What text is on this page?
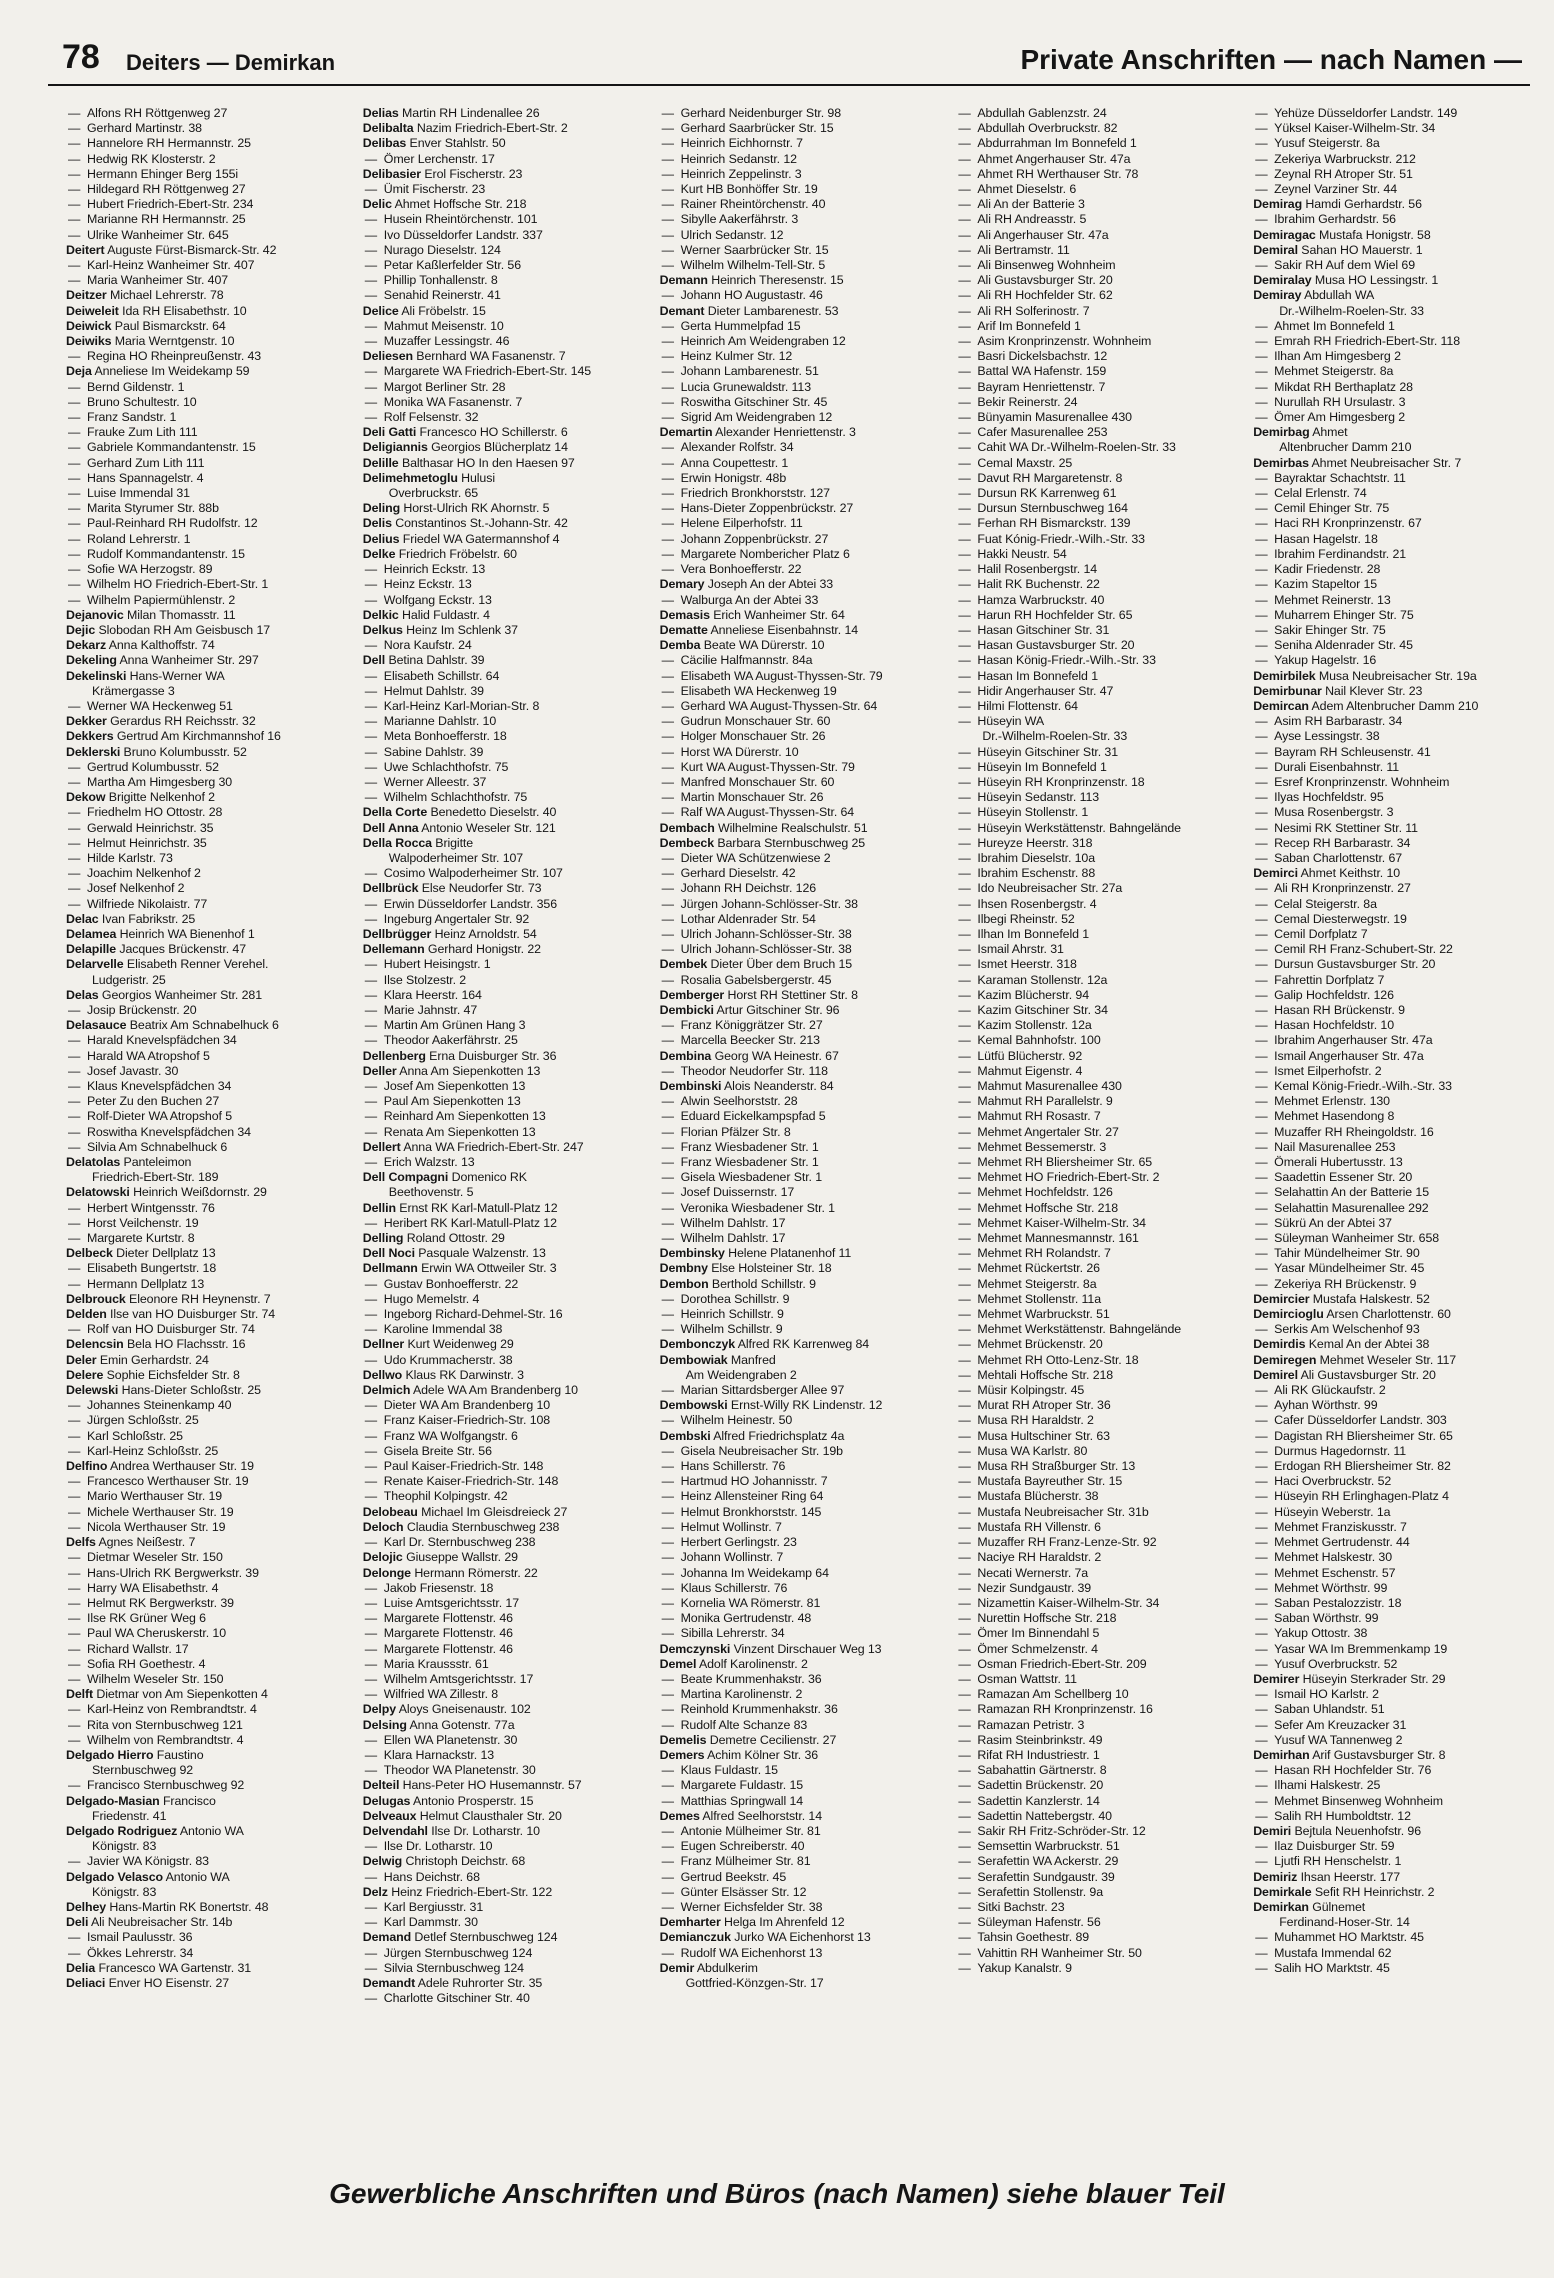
78 Deiters — Demirkan	Private Anschriften — nach Namen —
—  Alfons RH Röttgenweg 27
—  Gerhard Martinstr. 38
—  Hannelore RH Hermannstr. 25
—  Hedwig RK Klosterstr. 2
—  Hermann Ehinger Berg 155i
—  Hildegard RH Röttgenweg 27
—  Hubert Friedrich-Ebert-Str. 234
—  Marianne RH Hermannstr. 25
—  Ulrike Wanheimer Str. 645
Deitert Auguste Fürst-Bismarck-Str. 42
—  Karl-Heinz Wanheimer Str. 407
—  Maria Wanheimer Str. 407
Deitzer Michael Lehrerstr. 78
Deiweleit Ida RH Elisabethstr. 10
Deiwick Paul Bismarckstr. 64
Deiwiks Maria Werntgenstr. 10
—  Regina HO Rheinpreußenstr. 43
Deja Anneliese Im Weidekamp 59
—  Bernd Gildenstr. 1
—  Bruno Schultestr. 10
—  Franz Sandstr. 1
—  Frauke Zum Lith 111
—  Gabriele Kommandantenstr. 15
—  Gerhard Zum Lith 111
—  Hans Spannagelstr. 4
—  Luise Immendal 31
—  Marita Styrumer Str. 88b
—  Paul-Reinhard RH Rudolfstr. 12
—  Roland Lehrerstr. 1
—  Rudolf Kommandantenstr. 15
—  Sofie WA Herzogstr. 89
—  Wilhelm HO Friedrich-Ebert-Str. 1
—  Wilhelm Papiermühlenstr. 2
Dejanovic Milan Thomasstr. 11
Dejic Slobodan RH Am Geisbusch 17
Dekarz Anna Kalthoffstr. 74
Dekeling Anna Wanheimer Str. 297
Dekelinski Hans-Werner WA
Krämergasse 3
—  Werner WA Heckenweg 51
Dekker Gerardus RH Reichsstr. 32
Dekkers Gertrud Am Kirchmannshof 16
Deklerski Bruno Kolumbusstr. 52
—  Gertrud Kolumbusstr. 52
—  Martha Am Himgesberg 30
Dekow Brigitte Nelkenhof 2
—  Friedhelm HO Ottostr. 28
—  Gerwald Heinrichstr. 35
—  Helmut Heinrichstr. 35
—  Hilde Karlstr. 73
—  Joachim Nelkenhof 2
—  Josef Nelkenhof 2
—  Wilfriede Nikolaistr. 77
Delac Ivan Fabrikstr. 25
Delamea Heinrich WA Bienenhof 1
Delapille Jacques Brückenstr. 47
Delarvelle Elisabeth Renner Verehel.
Ludgeristr. 25
Delas Georgios Wanheimer Str. 281
—  Josip Brückenstr. 20
Delasauce Beatrix Am Schnabelhuck 6
—  Harald Knevelspfädchen 34
—  Harald WA Atropshof 5
—  Josef Javastr. 30
—  Klaus Knevelspfädchen 34
—  Peter Zu den Buchen 27
—  Rolf-Dieter WA Atropshof 5
—  Roswitha Knevelspfädchen 34
—  Silvia Am Schnabelhuck 6
Delatolas Panteleimon
Friedrich-Ebert-Str. 189
Delatowski Heinrich Weißdornstr. 29
—  Herbert Wintgensstr. 76
—  Horst Veilchenstr. 19
—  Margarete Kurtstr. 8
Delbeck Dieter Dellplatz 13
—  Elisabeth Bungertstr. 18
—  Hermann Dellplatz 13
Delbrouck Eleonore RH Heynenstr. 7
Delden Ilse van HO Duisburger Str. 74
—  Rolf van HO Duisburger Str. 74
Delencsin Bela HO Flachsstr. 16
Deler Emin Gerhardstr. 24
Delere Sophie Eichsfelder Str. 8
Delewski Hans-Dieter Schloßstr. 25
—  Johannes Steinenkamp 40
—  Jürgen Schloßstr. 25
—  Karl Schloßstr. 25
—  Karl-Heinz Schloßstr. 25
Delfino Andrea Werthauser Str. 19
—  Francesco Werthauser Str. 19
—  Mario Werthauser Str. 19
—  Michele Werthauser Str. 19
—  Nicola Werthauser Str. 19
Delfs Agnes Neißestr. 7
—  Dietmar Weseler Str. 150
—  Hans-Ulrich RK Bergwerkstr. 39
—  Harry WA Elisabethstr. 4
—  Helmut RK Bergwerkstr. 39
—  Ilse RK Grüner Weg 6
—  Paul WA Cheruskerstr. 10
—  Richard Wallstr. 17
—  Sofia RH Goethestr. 4
—  Wilhelm Weseler Str. 150
Delft Dietmar von Am Siepenkotten 4
—  Karl-Heinz von Rembrandtstr. 4
—  Rita von Sternbuschweg 121
—  Wilhelm von Rembrandtstr. 4
Delgado Hierro Faustino
Sternbuschweg 92
—  Francisco Sternbuschweg 92
Delgado-Masian Francisco
Friedenstr. 41
Delgado Rodriguez Antonio WA
Königstr. 83
—  Javier WA Königstr. 83
Delgado Velasco Antonio WA
Königstr. 83
Delhey Hans-Martin RK Bonertstr. 48
Deli Ali Neubreisacher Str. 14b
—  Ismail Paulusstr. 36
—  Ökkes Lehrerstr. 34
Delia Francesco WA Gartenstr. 31
Deliaci Enver HO Eisenstr. 27
Delias Martin RH Lindenallee 26
Delibalta Nazim Friedrich-Ebert-Str. 2
Delibas Enver Stahlstr. 50
—  Ömer Lerchenstr. 17
Delibasier Erol Fischerstr. 23
—  Ümit Fischerstr. 23
Delic Ahmet Hoffsche Str. 218
—  Husein Rheintörchenstr. 101
—  Ivo Düsseldorfer Landstr. 337
—  Nurago Dieselstr. 124
—  Petar Kaßlerfelder Str. 56
—  Phillip Tonhallenstr. 8
—  Senahid Reinerstr. 41
Delice Ali Fröbelstr. 15
—  Mahmut Meisenstr. 10
—  Muzaffer Lessingstr. 46
Deliesen Bernhard WA Fasanenstr. 7
—  Margarete WA Friedrich-Ebert-Str. 145
—  Margot Berliner Str. 28
—  Monika WA Fasanenstr. 7
—  Rolf Felsenstr. 32
Deli Gatti Francesco HO Schillerstr. 6
Deligiannis Georgios Blücherplatz 14
Delille Balthasar HO In den Haesen 97
Delimehmetoglu Hulusi
Overbruckstr. 65
Deling Horst-Ulrich RK Ahornstr. 5
Delis Constantinos St.-Johann-Str. 42
Delius Friedel WA Gatermannshof 4
Delke Friedrich Fröbelstr. 60
—  Heinrich Eckstr. 13
—  Heinz Eckstr. 13
—  Wolfgang Eckstr. 13
Delkic Halid Fuldastr. 4
Delkus Heinz Im Schlenk 37
—  Nora Kaufstr. 24
Dell Betina Dahlstr. 39
—  Elisabeth Schillstr. 64
—  Helmut Dahlstr. 39
—  Karl-Heinz Karl-Morian-Str. 8
—  Marianne Dahlstr. 10
—  Meta Bonhoefferstr. 18
—  Sabine Dahlstr. 39
—  Uwe Schlachthofstr. 75
—  Werner Alleestr. 37
—  Wilhelm Schlachthofstr. 75
Della Corte Benedetto Dieselstr. 40
Dell Anna Antonio Weseler Str. 121
Della Rocca Brigitte
Walpoderheimer Str. 107
—  Cosimo Walpoderheimer Str. 107
Dellbrück Else Neudorfer Str. 73
—  Erwin Düsseldorfer Landstr. 356
—  Ingeburg Angertaler Str. 92
Dellbrügger Heinz Arnoldstr. 54
Dellemann Gerhard Honigstr. 22
—  Hubert Heisingstr. 1
—  Ilse Stolzestr. 2
—  Klara Heerstr. 164
—  Marie Jahnstr. 47
—  Martin Am Grünen Hang 3
—  Theodor Aakerfährstr. 25
Dellenberg Erna Duisburger Str. 36
Deller Anna Am Siepenkotten 13
—  Josef Am Siepenkotten 13
—  Paul Am Siepenkotten 13
—  Reinhard Am Siepenkotten 13
—  Renata Am Siepenkotten 13
Dellert Anna WA Friedrich-Ebert-Str. 247
—  Erich Walzstr. 13
Dell Compagni Domenico RK
Beethovenstr. 5
Dellin Ernst RK Karl-Matull-Platz 12
—  Heribert RK Karl-Matull-Platz 12
Delling Roland Ottostr. 29
Dell Noci Pasquale Walzenstr. 13
Dellmann Erwin WA Ottweiler Str. 3
—  Gustav Bonhoefferstr. 22
—  Hugo Memelstr. 4
—  Ingeborg Richard-Dehmel-Str. 16
—  Karoline Immendal 38
Dellner Kurt Weidenweg 29
—  Udo Krummacherstr. 38
Dellwo Klaus RK Darwinstr. 3
Delmich Adele WA Am Brandenberg 10
—  Dieter WA Am Brandenberg 10
—  Franz Kaiser-Friedrich-Str. 108
—  Franz WA Wolfgangstr. 6
—  Gisela Breite Str. 56
—  Paul Kaiser-Friedrich-Str. 148
—  Renate Kaiser-Friedrich-Str. 148
—  Theophil Kolpingstr. 42
Delobeau Michael Im Gleisdreieck 27
Deloch Claudia Sternbuschweg 238
—  Karl Dr. Sternbuschweg 238
Delojic Giuseppe Wallstr. 29
Delonge Hermann Römerstr. 22
—  Jakob Friesenstr. 18
—  Luise Amtsgerichtsstr. 17
—  Margarete Flottenstr. 46
—  Margarete Flottenstr. 46
—  Margarete Flottenstr. 46
—  Maria Kraussstr. 61
—  Wilhelm Amtsgerichtsstr. 17
—  Wilfried WA Zillestr. 8
Delpy Aloys Gneisenaustr. 102
Delsing Anna Gotenstr. 77a
—  Ellen WA Planetenstr. 30
—  Klara Harnackstr. 13
—  Theodor WA Planetenstr. 30
Delteil Hans-Peter HO Husemannstr. 57
Delugas Antonio Prosperstr. 15
Delveaux Helmut Clausthaler Str. 20
Delvendahl Ilse Dr. Lotharstr. 10
—  Ilse Dr. Lotharstr. 10
Delwig Christoph Deichstr. 68
—  Hans Deichstr. 68
Delz Heinz Friedrich-Ebert-Str. 122
—  Karl Bergiusstr. 31
—  Karl Dammstr. 30
Demand Detlef Sternbuschweg 124
—  Jürgen Sternbuschweg 124
—  Silvia Sternbuschweg 124
Demandt Adele Ruhrorter Str. 35
—  Charlotte Gitschiner Str. 40
—  Gerhard Neidenburger Str. 98
—  Gerhard Saarbrücker Str. 15
—  Heinrich Eichhornstr. 7
—  Heinrich Sedanstr. 12
—  Heinrich Zeppelinstr. 3
—  Kurt HB Bonhöffer Str. 19
—  Rainer Rheintörchenstr. 40
—  Sibylle Aakerfährstr. 3
—  Ulrich Sedanstr. 12
—  Werner Saarbrücker Str. 15
—  Wilhelm Wilhelm-Tell-Str. 5
Demann Heinrich Theresenstr. 15
—  Johann HO Augustastr. 46
Demant Dieter Lambarenestr. 53
—  Gerta Hummelpfad 15
—  Heinrich Am Weidengraben 12
—  Heinz Kulmer Str. 12
—  Johann Lambarenestr. 51
—  Lucia Grunewaldstr. 113
—  Roswitha Gitschiner Str. 45
—  Sigrid Am Weidengraben 12
Demartin Alexander Henriettenstr. 3
—  Alexander Rolfstr. 34
—  Anna Coupettestr. 1
—  Erwin Honigstr. 48b
—  Friedrich Bronkhorststr. 127
—  Hans-Dieter Zoppenbrückstr. 27
—  Helene Eilperhofstr. 11
—  Johann Zoppenbrückstr. 27
—  Margarete Nombericher Platz 6
—  Vera Bonhoefferstr. 22
Demary Joseph An der Abtei 33
—  Walburga An der Abtei 33
Demasis Erich Wanheimer Str. 64
Dematte Anneliese Eisenbahnstr. 14
Demba Beate WA Dürerstr. 10
—  Cäcilie Halfmannstr. 84a
—  Elisabeth WA August-Thyssen-Str. 79
—  Elisabeth WA Heckenweg 19
—  Gerhard WA August-Thyssen-Str. 64
—  Gudrun Monschauer Str. 60
—  Holger Monschauer Str. 26
—  Horst WA Dürerstr. 10
—  Kurt WA August-Thyssen-Str. 79
—  Manfred Monschauer Str. 60
—  Martin Monschauer Str. 26
—  Ralf WA August-Thyssen-Str. 64
Dembach Wilhelmine Realschulstr. 51
Dembeck Barbara Sternbuschweg 25
—  Dieter WA Schützenwiese 2
—  Gerhard Dieselstr. 42
—  Johann RH Deichstr. 126
—  Jürgen Johann-Schlösser-Str. 38
—  Lothar Aldenrader Str. 54
—  Ulrich Johann-Schlösser-Str. 38
—  Ulrich Johann-Schlösser-Str. 38
Dembek Dieter Über dem Bruch 15
—  Rosalia Gabelsbergerstr. 45
Demberger Horst RH Stettiner Str. 8
Dembicki Artur Gitschiner Str. 96
—  Franz Königgrätzer Str. 27
—  Marcella Beecker Str. 213
Dembina Georg WA Heinestr. 67
—  Theodor Neudorfer Str. 118
Dembinski Alois Neanderstr. 84
—  Alwin Seelhorststr. 28
—  Eduard Eickelkampspfad 5
—  Florian Pfälzer Str. 8
—  Franz Wiesbadener Str. 1
—  Franz Wiesbadener Str. 1
—  Gisela Wiesbadener Str. 1
—  Josef Duissernstr. 17
—  Veronika Wiesbadener Str. 1
—  Wilhelm Dahlstr. 17
—  Wilhelm Dahlstr. 17
Dembinsky Helene Platanenhof 11
Dembny Else Holsteiner Str. 18
Dembon Berthold Schillstr. 9
—  Dorothea Schillstr. 9
—  Heinrich Schillstr. 9
—  Wilhelm Schillstr. 9
Dembonczyk Alfred RK Karrenweg 84
Dembowiak Manfred
Am Weidengraben 2
—  Marian Sittardsberger Allee 97
Dembowski Ernst-Willy RK Lindenstr. 12
—  Wilhelm Heinestr. 50
Dembski Alfred Friedrichsplatz 4a
—  Gisela Neubreisacher Str. 19b
—  Hans Schillerstr. 76
—  Hartmud HO Johannisstr. 7
—  Heinz Allensteiner Ring 64
—  Helmut Bronkhorststr. 145
—  Helmut Wollinstr. 7
—  Herbert Gerlingstr. 23
—  Johann Wollinstr. 7
—  Johanna Im Weidekamp 64
—  Klaus Schillerstr. 76
—  Kornelia WA Römerstr. 81
—  Monika Gertrudenstr. 48
—  Sibilla Lehrerstr. 34
Demczynski Vinzent Dirschauer Weg 13
Demel Adolf Karolinenstr. 2
—  Beate Krummenhakstr. 36
—  Martina Karolinenstr. 2
—  Reinhold Krummenhakstr. 36
—  Rudolf Alte Schanze 83
Demelis Demetre Cecilienstr. 27
Demers Achim Kölner Str. 36
—  Klaus Fuldastr. 15
—  Margarete Fuldastr. 15
—  Matthias Springwall 14
Demes Alfred Seelhorststr. 14
—  Antonie Mülheimer Str. 81
—  Eugen Schreiberstr. 40
—  Franz Mülheimer Str. 81
—  Gertrud Beekstr. 45
—  Günter Elsässer Str. 12
—  Werner Eichsfelder Str. 38
Demharter Helga Im Ahrenfeld 12
Demianczuk Jurko WA Eichenhorst 13
—  Rudolf WA Eichenhorst 13
Demir Abdulkerim
Gottfried-Könzgen-Str. 17
—  Abdullah Gablenzstr. 24
—  Abdullah Overbruckstr. 82
—  Abdurrahman Im Bonnefeld 1
—  Ahmet Angerhauser Str. 47a
—  Ahmet RH Werthauser Str. 78
—  Ahmet Dieselstr. 6
—  Ali An der Batterie 3
—  Ali RH Andreasstr. 5
—  Ali Angerhauser Str. 47a
—  Ali Bertramstr. 11
—  Ali Binsenweg Wohnheim
—  Ali Gustavsburger Str. 20
—  Ali RH Hochfelder Str. 62
—  Ali RH Solferinostr. 7
—  Arif Im Bonnefeld 1
—  Asim Kronprinzenstr. Wohnheim
—  Basri Dickelsbachstr. 12
—  Battal WA Hafenstr. 159
—  Bayram Henriettenstr. 7
—  Bekir Reinerstr. 24
—  Bünyamin Masurenallee 430
—  Cafer Masurenallee 253
—  Cahit WA Dr.-Wilhelm-Roelen-Str. 33
—  Cemal Maxstr. 25
—  Davut RH Margaretenstr. 8
—  Dursun RK Karrenweg 61
—  Dursun Sternbuschweg 164
—  Ferhan RH Bismarckstr. 139
—  Fuat Kónig-Friedr.-Wilh.-Str. 33
—  Hakki Neustr. 54
—  Halil Rosenbergstr. 14
—  Halit RK Buchenstr. 22
—  Hamza Warbruckstr. 40
—  Harun RH Hochfelder Str. 65
—  Hasan Gitschiner Str. 31
—  Hasan Gustavsburger Str. 20
—  Hasan König-Friedr.-Wilh.-Str. 33
—  Hasan Im Bonnefeld 1
—  Hidir Angerhauser Str. 47
—  Hilmi Flottenstr. 64
—  Hüseyin WA
Dr.-Wilhelm-Roelen-Str. 33
—  Hüseyin Gitschiner Str. 31
—  Hüseyin Im Bonnefeld 1
—  Hüseyin RH Kronprinzenstr. 18
—  Hüseyin Sedanstr. 113
—  Hüseyin Stollenstr. 1
—  Hüseyin Werkstättenstr. Bahngelände
—  Hureyze Heerstr. 318
—  Ibrahim Dieselstr. 10a
—  Ibrahim Eschenstr. 88
—  Ido Neubreisacher Str. 27a
—  Ihsen Rosenbergstr. 4
—  Ilbegi Rheinstr. 52
—  Ilhan Im Bonnefeld 1
—  Ismail Ahrstr. 31
—  Ismet Heerstr. 318
—  Karaman Stollenstr. 12a
—  Kazim Blücherstr. 94
—  Kazim Gitschiner Str. 34
—  Kazim Stollenstr. 12a
—  Kemal Bahnhofstr. 100
—  Lütfü Blücherstr. 92
—  Mahmut Eigenstr. 4
—  Mahmut Masurenallee 430
—  Mahmut RH Parallelstr. 9
—  Mahmut RH Rosastr. 7
—  Mehmet Angertaler Str. 27
—  Mehmet Bessemerstr. 3
—  Mehmet RH Bliersheimer Str. 65
—  Mehmet HO Friedrich-Ebert-Str. 2
—  Mehmet Hochfeldstr. 126
—  Mehmet Hoffsche Str. 218
—  Mehmet Kaiser-Wilhelm-Str. 34
—  Mehmet Mannesmannstr. 161
—  Mehmet RH Rolandstr. 7
—  Mehmet Rückertstr. 26
—  Mehmet Steigerstr. 8a
—  Mehmet Stollenstr. 11a
—  Mehmet Warbruckstr. 51
—  Mehmet Werkstättenstr. Bahngelände
—  Mehmet Brückenstr. 20
—  Mehmet RH Otto-Lenz-Str. 18
—  Mehtali Hoffsche Str. 218
—  Müsir Kolpingstr. 45
—  Murat RH Atroper Str. 36
—  Musa RH Haraldstr. 2
—  Musa Hultschiner Str. 63
—  Musa WA Karlstr. 80
—  Musa RH Straßburger Str. 13
—  Mustafa Bayreuther Str. 15
—  Mustafa Blücherstr. 38
—  Mustafa Neubreisacher Str. 31b
—  Mustafa RH Villenstr. 6
—  Muzaffer RH Franz-Lenze-Str. 92
—  Naciye RH Haraldstr. 2
—  Necati Wernerstr. 7a
—  Nezir Sundgaustr. 39
—  Nizamettin Kaiser-Wilhelm-Str. 34
—  Nurettin Hoffsche Str. 218
—  Ömer Im Binnendahl 5
—  Ömer Schmelzenstr. 4
—  Osman Friedrich-Ebert-Str. 209
—  Osman Wattstr. 11
—  Ramazan Am Schellberg 10
—  Ramazan RH Kronprinzenstr. 16
—  Ramazan Petristr. 3
—  Rasim Steinbrinkstr. 49
—  Rifat RH Industriestr. 1
—  Sabahattin Gärtnerstr. 8
—  Sadettin Brückenstr. 20
—  Sadettin Kanzlerstr. 14
—  Sadettin Nattebergstr. 40
—  Sakir RH Fritz-Schröder-Str. 12
—  Semsettin Warbruckstr. 51
—  Serafettin WA Ackerstr. 29
—  Serafettin Sundgaustr. 39
—  Serafettin Stollenstr. 9a
—  Sitki Bachstr. 23
—  Süleyman Hafenstr. 56
—  Tahsin Goethestr. 89
—  Vahittin RH Wanheimer Str. 50
—  Yakup Kanalstr. 9
—  Yehüze Düsseldorfer Landstr. 149
—  Yüksel Kaiser-Wilhelm-Str. 34
—  Yusuf Steigerstr. 8a
—  Zekeriya Warbruckstr. 212
—  Zeynal RH Atroper Str. 51
—  Zeynel Varziner Str. 44
Demirag Hamdi Gerhardstr. 56
—  Ibrahim Gerhardstr. 56
Demiragac Mustafa Honigstr. 58
Demiral Sahan HO Mauerstr. 1
—  Sakir RH Auf dem Wiel 69
Demiralay Musa HO Lessingstr. 1
Demiray Abdullah WA
Dr.-Wilhelm-Roelen-Str. 33
—  Ahmet Im Bonnefeld 1
—  Emrah RH Friedrich-Ebert-Str. 118
—  Ilhan Am Himgesberg 2
—  Mehmet Steigerstr. 8a
—  Mikdat RH Berthaplatz 28
—  Nurullah RH Ursulastr. 3
—  Ömer Am Himgesberg 2
Demirbag Ahmet
Altenbrucher Damm 210
Demirbas Ahmet Neubreisacher Str. 7
—  Bayraktar Schachtstr. 11
—  Celal Erlenstr. 74
—  Cemil Ehinger Str. 75
—  Haci RH Kronprinzenstr. 67
—  Hasan Hagelstr. 18
—  Ibrahim Ferdinandstr. 21
—  Kadir Friedenstr. 28
—  Kazim Stapeltor 15
—  Mehmet Reinerstr. 13
—  Muharrem Ehinger Str. 75
—  Sakir Ehinger Str. 75
—  Seniha Aldenrader Str. 45
—  Yakup Hagelstr. 16
Demirbilek Musa Neubreisacher Str. 19a
Demirbunar Nail Klever Str. 23
Demircan Adem Altenbrucher Damm 210
—  Asim RH Barbarastr. 34
—  Ayse Lessingstr. 38
—  Bayram RH Schleusenstr. 41
—  Durali Eisenbahnstr. 11
—  Esref Kronprinzenstr. Wohnheim
—  Ilyas Hochfeldstr. 95
—  Musa Rosenbergstr. 3
—  Nesimi RK Stettiner Str. 11
—  Recep RH Barbarastr. 34
—  Saban Charlottenstr. 67
Demirci Ahmet Keithstr. 10
—  Ali RH Kronprinzenstr. 27
—  Celal Steigerstr. 8a
—  Cemal Diesterwegstr. 19
—  Cemil Dorfplatz 7
—  Cemil RH Franz-Schubert-Str. 22
—  Dursun Gustavsburger Str. 20
—  Fahrettin Dorfplatz 7
—  Galip Hochfeldstr. 126
—  Hasan RH Brückenstr. 9
—  Hasan Hochfeldstr. 10
—  Ibrahim Angerhauser Str. 47a
—  Ismail Angerhauser Str. 47a
—  Ismet Eilperhofstr. 2
—  Kemal König-Friedr.-Wilh.-Str. 33
—  Mehmet Erlenstr. 130
—  Mehmet Hasendong 8
—  Muzaffer RH Rheingoldstr. 16
—  Nail Masurenallee 253
—  Ömerali Hubertusstr. 13
—  Saadettin Essener Str. 20
—  Selahattin An der Batterie 15
—  Selahattin Masurenallee 292
—  Sükrü An der Abtei 37
—  Süleyman Wanheimer Str. 658
—  Tahir Mündelheimer Str. 90
—  Yasar Mündelheimer Str. 45
—  Zekeriya RH Brückenstr. 9
Demircier Mustafa Halskestr. 52
Demircioglu Arsen Charlottenstr. 60
—  Serkis Am Welschenhof 93
Demirdis Kemal An der Abtei 38
Demiregen Mehmet Weseler Str. 117
Demirel Ali Gustavsburger Str. 20
—  Ali RK Glückaufstr. 2
—  Ayhan Wörthstr. 99
—  Cafer Düsseldorfer Landstr. 303
—  Dagistan RH Bliersheimer Str. 65
—  Durmus Hagedornstr. 11
—  Erdogan RH Bliersheimer Str. 82
—  Haci Overbruckstr. 52
—  Hüseyin RH Erlinghagen-Platz 4
—  Hüseyin Weberstr. 1a
—  Mehmet Franziskusstr. 7
—  Mehmet Gertrudenstr. 44
—  Mehmet Halskestr. 30
—  Mehmet Eschenstr. 57
—  Mehmet Wörthstr. 99
—  Saban Pestalozzistr. 18
—  Saban Wörthstr. 99
—  Yakup Ottostr. 38
—  Yasar WA Im Bremmenkamp 19
—  Yusuf Overbruckstr. 52
Demirer Hüseyin Sterkrader Str. 29
—  Ismail HO Karlstr. 2
—  Saban Uhlandstr. 51
—  Sefer Am Kreuzacker 31
—  Yusuf WA Tannenweg 2
Demirhan Arif Gustavsburger Str. 8
—  Hasan RH Hochfelder Str. 76
—  Ilhami Halskestr. 25
—  Mehmet Binsenweg Wohnheim
—  Salih RH Humboldtstr. 12
Demiri Bejtula Neuenhofstr. 96
—  Ilaz Duisburger Str. 59
—  Ljutfi RH Henschelstr. 1
Demiriz Ihsan Heerstr. 177
Demirkale Sefit RH Heinrichstr. 2
Demirkan Gülnemet
Ferdinand-Hoser-Str. 14
—  Muhammet HO Marktstr. 45
—  Mustafa Immendal 62
—  Salih HO Marktstr. 45
Gewerbliche Anschriften und Büros (nach Namen) siehe blauer Teil
